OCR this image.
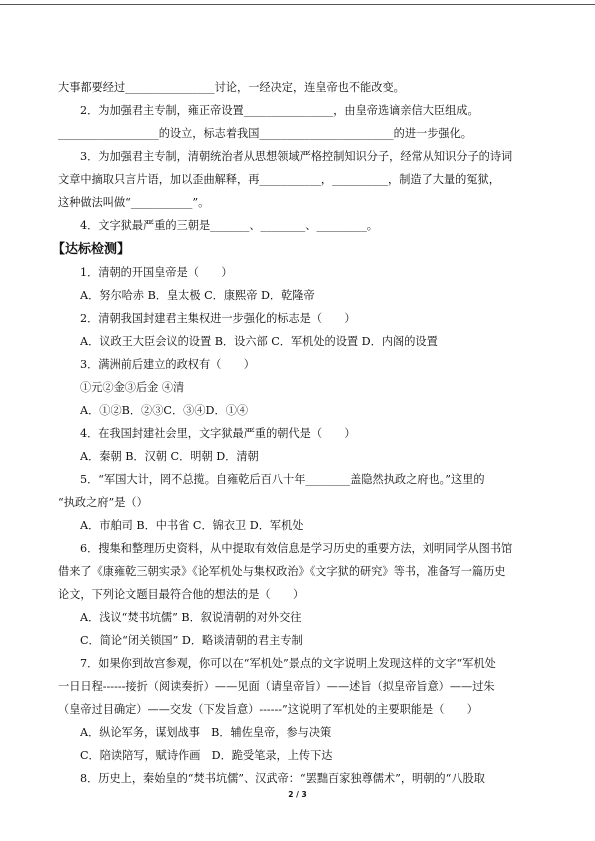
大事都要经过________________讨论，一经决定，连皇帝也不能改变。

2．为加强君主专制，雍正帝设置________________，由皇帝选谪亲信大臣组成。

__________________的设立，标志着我国________________________的进一步强化。

3．为加强君主专制，清朝统治者从思想领域严格控制知识分子，经常从知识分子的诗词

文章中摘取只言片语，加以歪曲解释，再___________，__________，制造了大量的冤狱，

这种做法叫做“___________”。

4．文字狱最严重的三朝是_______、________、_________。

【达标检测】

1．清朝的开国皇帝是（　　）

A．努尔哈赤 B．皇太极 C．康熙帝 D．乾隆帝

2．清朝我国封建君主集权进一步强化的标志是（　　）

A．议政王大臣会议的设置 B．设六部 C．军机处的设置 D．内阁的设置

3．满洲前后建立的政权有（　　）

①元②金③后金 ④清

A．①②B．②③C．③④D．①④

4．在我国封建社会里，文字狱最严重的朝代是（　　）

A．秦朝 B．汉朝 C．明朝 D．清朝

5．“军国大计，罔不总揽。自雍乾后百八十年________盖隐然执政之府也。”这里的

“执政之府”是（）

A．市舶司 B．中书省 C．锦衣卫 D．军机处

6．搜集和整理历史资料，从中提取有效信息是学习历史的重要方法，刘明同学从图书馆

借来了《康雍乾三朝实录》《论军机处与集权政治》《文字狱的研究》等书，准备写一篇历史

论文，下列论文题目最符合他的想法的是（　　）

A．浅议“焚书坑儒” B．叙说清朝的对外交往

C．简论“闭关锁国” D．略谈清朝的君主专制

7．如果你到故宫参观，你可以在“军机处”景点的文字说明上发现这样的文字“军机处

一日日程------接折（阅读奏折）——见面（请皇帝旨）——述旨（拟皇帝旨意）——过朱

（皇帝过目确定）——交发（下发旨意）------”这说明了军机处的主要职能是（　　）

A．纵论军务，谋划战事　B．辅佐皇帝，参与决策

C．陪读陪写，赋诗作画　D．跪受笔录，上传下达

8．历史上，秦始皇的“焚书坑儒”、汉武帝：“罢黜百家独尊儒术”，明朝的“八股取

2 / 3
